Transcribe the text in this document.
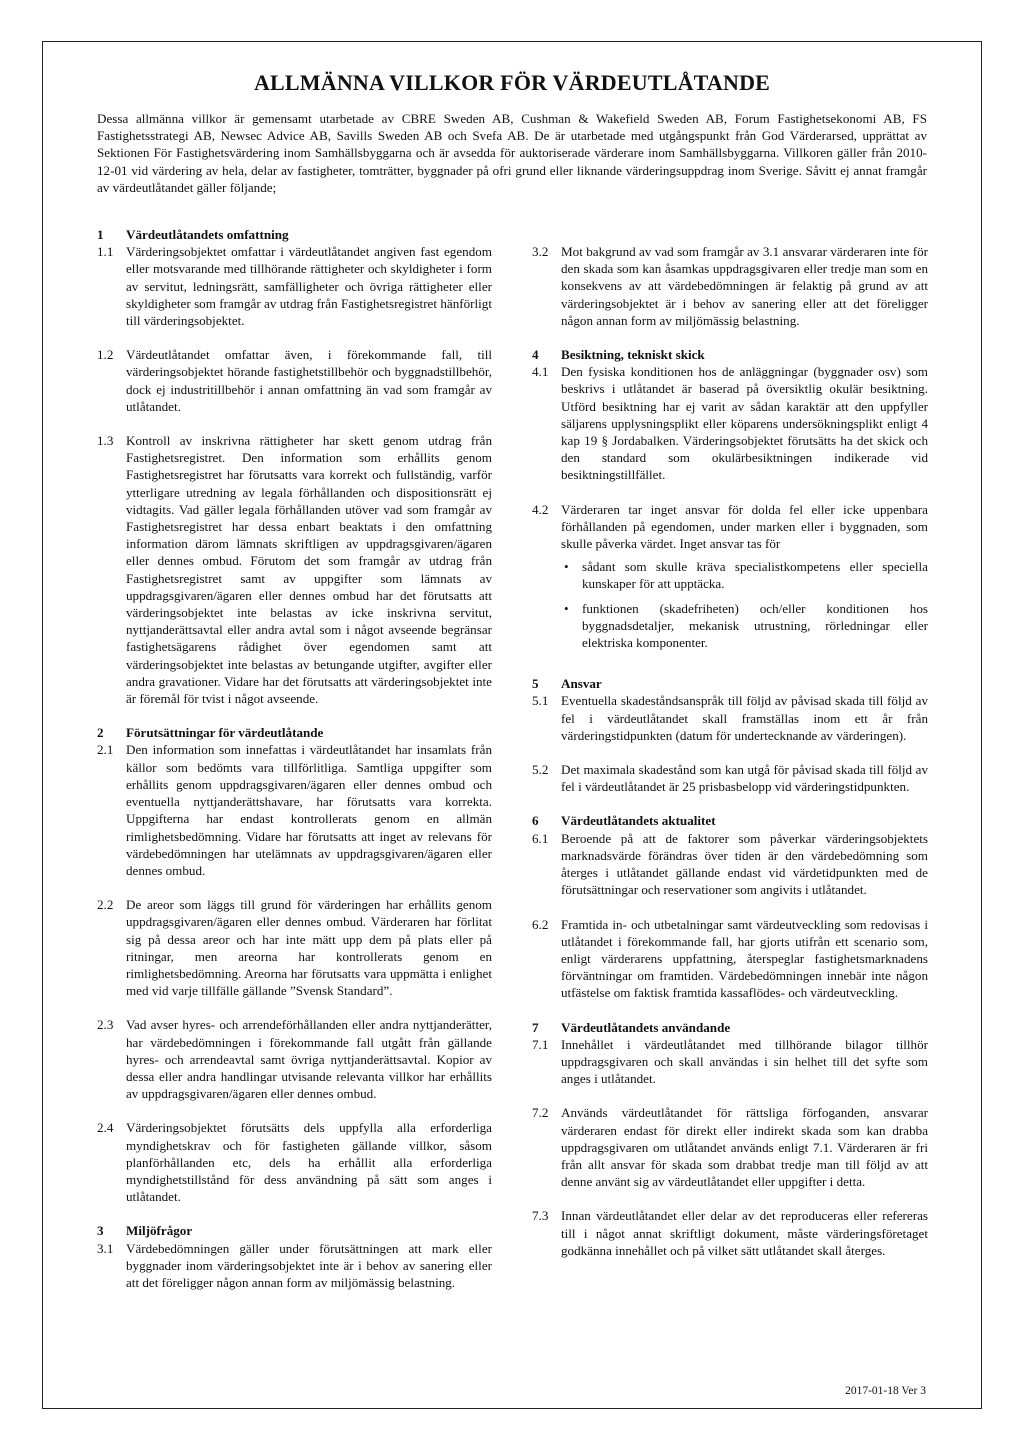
ALLMÄNNA VILLKOR FÖR VÄRDEUTLÅTANDE
Dessa allmänna villkor är gemensamt utarbetade av CBRE Sweden AB, Cushman & Wakefield Sweden AB, Forum Fastighetsekonomi AB, FS Fastighetsstrategi AB, Newsec Advice AB, Savills Sweden AB och Svefa AB. De är utarbetade med utgångspunkt från God Värderarsed, upprättat av Sektionen För Fastighetsvärdering inom Samhällsbyggarna och är avsedda för auktoriserade värderare inom Samhällsbyggarna. Villkoren gäller från 2010-12-01 vid värdering av hela, delar av fastigheter, tomträtter, byggnader på ofri grund eller liknande värderingsuppdrag inom Sverige. Såvitt ej annat framgår av värdeutlåtandet gäller följande;
1	Värdeutlåtandets omfattning
1.1 Värderingsobjektet omfattar i värdeutlåtandet angiven fast egendom eller motsvarande med tillhörande rättigheter och skyldigheter i form av servitut, ledningsrätt, samfälligheter och övriga rättigheter eller skyldigheter som framgår av utdrag från Fastighetsregistret hänförligt till värderingsobjektet.
1.2 Värdeutlåtandet omfattar även, i förekommande fall, till värderingsobjektet hörande fastighetstillbehör och byggnadstillbehör, dock ej industritillbehör i annan omfattning än vad som framgår av utlåtandet.
1.3 Kontroll av inskrivna rättigheter har skett genom utdrag från Fastighetsregistret. Den information som erhållits genom Fastighetsregistret har förutsatts vara korrekt och fullständig, varför ytterligare utredning av legala förhållanden och dispositionsrätt ej vidtagits. Vad gäller legala förhållanden utöver vad som framgår av Fastighetsregistret har dessa enbart beaktats i den omfattning information därom lämnats skriftligen av uppdragsgivaren/ägaren eller dennes ombud. Förutom det som framgår av utdrag från Fastighetsregistret samt av uppgifter som lämnats av uppdragsgivaren/ägaren eller dennes ombud har det förutsatts att värderingsobjektet inte belastas av icke inskrivna servitut, nyttjanderättsavtal eller andra avtal som i något avseende begränsar fastighetsägarens rådighet över egendomen samt att värderingsobjektet inte belastas av betungande utgifter, avgifter eller andra gravationer. Vidare har det förutsatts att värderingsobjektet inte är föremål för tvist i något avseende.
2	Förutsättningar för värdeutlåtande
2.1 Den information som innefattas i värdeutlåtandet har insamlats från källor som bedömts vara tillförlitliga. Samtliga uppgifter som erhållits genom uppdragsgivaren/ägaren eller dennes ombud och eventuella nyttjanderättshavare, har förutsatts vara korrekta. Uppgifterna har endast kontrollerats genom en allmän rimlighetsbedömning. Vidare har förutsatts att inget av relevans för värdebedömningen har utelämnats av uppdragsgivaren/ägaren eller dennes ombud.
2.2 De areor som läggs till grund för värderingen har erhållits genom uppdragsgivaren/ägaren eller dennes ombud. Värderaren har förlitat sig på dessa areor och har inte mätt upp dem på plats eller på ritningar, men areorna har kontrollerats genom en rimlighetsbedömning. Areorna har förutsatts vara uppmätta i enlighet med vid varje tillfälle gällande ”Svensk Standard”.
2.3 Vad avser hyres- och arrendeförhållanden eller andra nyttjanderätter, har värdebedömningen i förekommande fall utgått från gällande hyres- och arrendeavtal samt övriga nyttjanderättsavtal. Kopior av dessa eller andra handlingar utvisande relevanta villkor har erhållits av uppdragsgivaren/ägaren eller dennes ombud.
2.4 Värderingsobjektet förutsätts dels uppfylla alla erforderliga myndighetskrav och för fastigheten gällande villkor, såsom planförhållanden etc, dels ha erhållit alla erforderliga myndighetstillstånd för dess användning på sätt som anges i utlåtandet.
3	Miljöfrågor
3.1 Värdebedömningen gäller under förutsättningen att mark eller byggnader inom värderingsobjektet inte är i behov av sanering eller att det föreligger någon annan form av miljömässig belastning.
3.2 Mot bakgrund av vad som framgår av 3.1 ansvarar värderaren inte för den skada som kan åsamkas uppdragsgivaren eller tredje man som en konsekvens av att värdebedömningen är felaktig på grund av att värderingsobjektet är i behov av sanering eller att det föreligger någon annan form av miljömässig belastning.
4	Besiktning, tekniskt skick
4.1 Den fysiska konditionen hos de anläggningar (byggnader osv) som beskrivs i utlåtandet är baserad på översiktlig okulär besiktning. Utförd besiktning har ej varit av sådan karaktär att den uppfyller säljarens upplysningsplikt eller köparens undersökningsplikt enligt 4 kap 19 § Jordabalken. Värderingsobjektet förutsätts ha det skick och den standard som okulärbesiktningen indikerade vid besiktningstillfället.
4.2 Värderaren tar inget ansvar för dolda fel eller icke uppenbara förhållanden på egendomen, under marken eller i byggnaden, som skulle påverka värdet. Inget ansvar tas för
•	sådant som skulle kräva specialistkompetens eller speciella kunskaper för att upptäcka.
•	funktionen (skadefriheten) och/eller konditionen hos byggnadsdetaljer, mekanisk utrustning, rörledningar eller elektriska komponenter.
5	Ansvar
5.1 Eventuella skadeståndsanspråk till följd av påvisad skada till följd av fel i värdeutlåtandet skall framställas inom ett år från värderingstidpunkten (datum för undertecknande av värderingen).
5.2 Det maximala skadestånd som kan utgå för påvisad skada till följd av fel i värdeutlåtandet är 25 prisbasbelopp vid värderingstidpunkten.
6	Värdeutlåtandets aktualitet
6.1 Beroende på att de faktorer som påverkar värderingsobjektets marknadsvärde förändras över tiden är den värdebedömning som återges i utlåtandet gällande endast vid värdetidpunkten med de förutsättningar och reservationer som angivits i utlåtandet.
6.2 Framtida in- och utbetalningar samt värdeutveckling som redovisas i utlåtandet i förekommande fall, har gjorts utifrån ett scenario som, enligt värderarens uppfattning, återspeglar fastighetsmarknadens förväntningar om framtiden. Värdebedömningen innebär inte någon utfästelse om faktisk framtida kassaflödes- och värdeutveckling.
7	Värdeutlåtandets användande
7.1 Innehållet i värdeutlåtandet med tillhörande bilagor tillhör uppdragsgivaren och skall användas i sin helhet till det syfte som anges i utlåtandet.
7.2 Används värdeutlåtandet för rättsliga förfoganden, ansvarar värderaren endast för direkt eller indirekt skada som kan drabba uppdragsgivaren om utlåtandet används enligt 7.1. Värderaren är fri från allt ansvar för skada som drabbat tredje man till följd av att denne använt sig av värdeutlåtandet eller uppgifter i detta.
7.3 Innan värdeutlåtandet eller delar av det reproduceras eller refereras till i något annat skriftligt dokument, måste värderingsföretaget godkänna innehållet och på vilket sätt utlåtandet skall återges.
2017-01-18 Ver 3
